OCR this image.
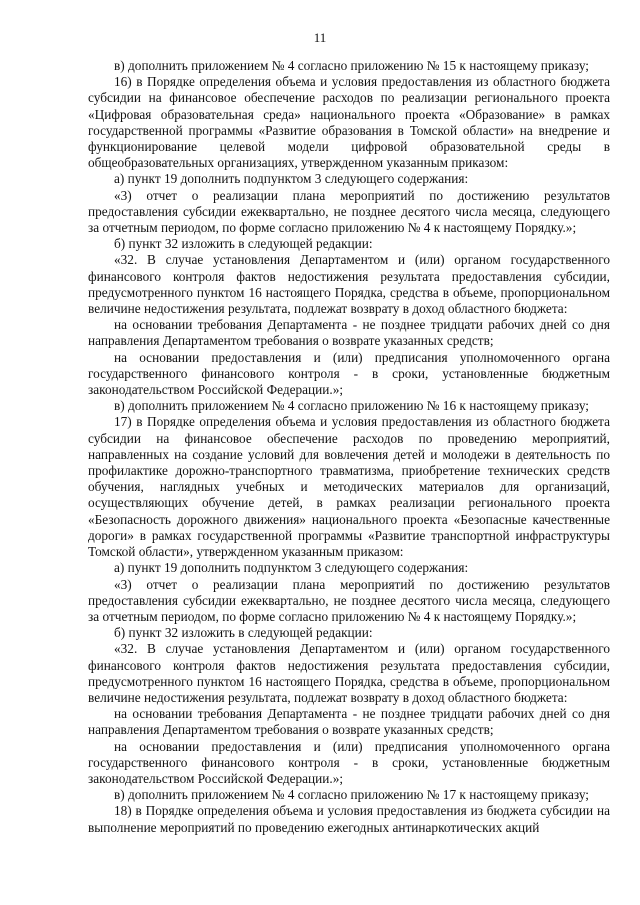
11

в) дополнить приложением № 4 согласно приложению № 15 к настоящему приказу;

16) в Порядке определения объема и условия предоставления из областного бюджета субсидии на финансовое обеспечение расходов по реализации регионального проекта «Цифровая образовательная среда» национального проекта «Образование» в рамках государственной программы «Развитие образования в Томской области» на внедрение и функционирование целевой модели цифровой образовательной среды в общеобразовательных организациях, утвержденном указанным приказом:

а) пункт 19 дополнить подпунктом 3 следующего содержания:

«3) отчет о реализации плана мероприятий по достижению результатов предоставления субсидии ежеквартально, не позднее десятого числа месяца, следующего за отчетным периодом, по форме согласно приложению № 4 к настоящему Порядку.»;

б) пункт 32 изложить в следующей редакции:

«32. В случае установления Департаментом и (или) органом государственного финансового контроля фактов недостижения результата предоставления субсидии, предусмотренного пунктом 16 настоящего Порядка, средства в объеме, пропорциональном величине недостижения результата, подлежат возврату в доход областного бюджета:

на основании требования Департамента - не позднее тридцати рабочих дней со дня направления Департаментом требования о возврате указанных средств;

на основании предоставления и (или) предписания уполномоченного органа государственного финансового контроля - в сроки, установленные бюджетным законодательством Российской Федерации.»;

в) дополнить приложением № 4 согласно приложению № 16 к настоящему приказу;

17) в Порядке определения объема и условия предоставления из областного бюджета субсидии на финансовое обеспечение расходов по проведению мероприятий, направленных на создание условий для вовлечения детей и молодежи в деятельность по профилактике дорожно-транспортного травматизма, приобретение технических средств обучения, наглядных учебных и методических материалов для организаций, осуществляющих обучение детей, в рамках реализации регионального проекта «Безопасность дорожного движения» национального проекта «Безопасные качественные дороги» в рамках государственной программы «Развитие транспортной инфраструктуры Томской области», утвержденном указанным приказом:

а) пункт 19 дополнить подпунктом 3 следующего содержания:

«3) отчет о реализации плана мероприятий по достижению результатов предоставления субсидии ежеквартально, не позднее десятого числа месяца, следующего за отчетным периодом, по форме согласно приложению № 4 к настоящему Порядку.»;

б) пункт 32 изложить в следующей редакции:

«32. В случае установления Департаментом и (или) органом государственного финансового контроля фактов недостижения результата предоставления субсидии, предусмотренного пунктом 16 настоящего Порядка, средства в объеме, пропорциональном величине недостижения результата, подлежат возврату в доход областного бюджета:

на основании требования Департамента - не позднее тридцати рабочих дней со дня направления Департаментом требования о возврате указанных средств;

на основании предоставления и (или) предписания уполномоченного органа государственного финансового контроля - в сроки, установленные бюджетным законодательством Российской Федерации.»;

в) дополнить приложением № 4 согласно приложению № 17 к настоящему приказу;

18) в Порядке определения объема и условия предоставления из бюджета субсидии на выполнение мероприятий по проведению ежегодных антинаркотических акций
